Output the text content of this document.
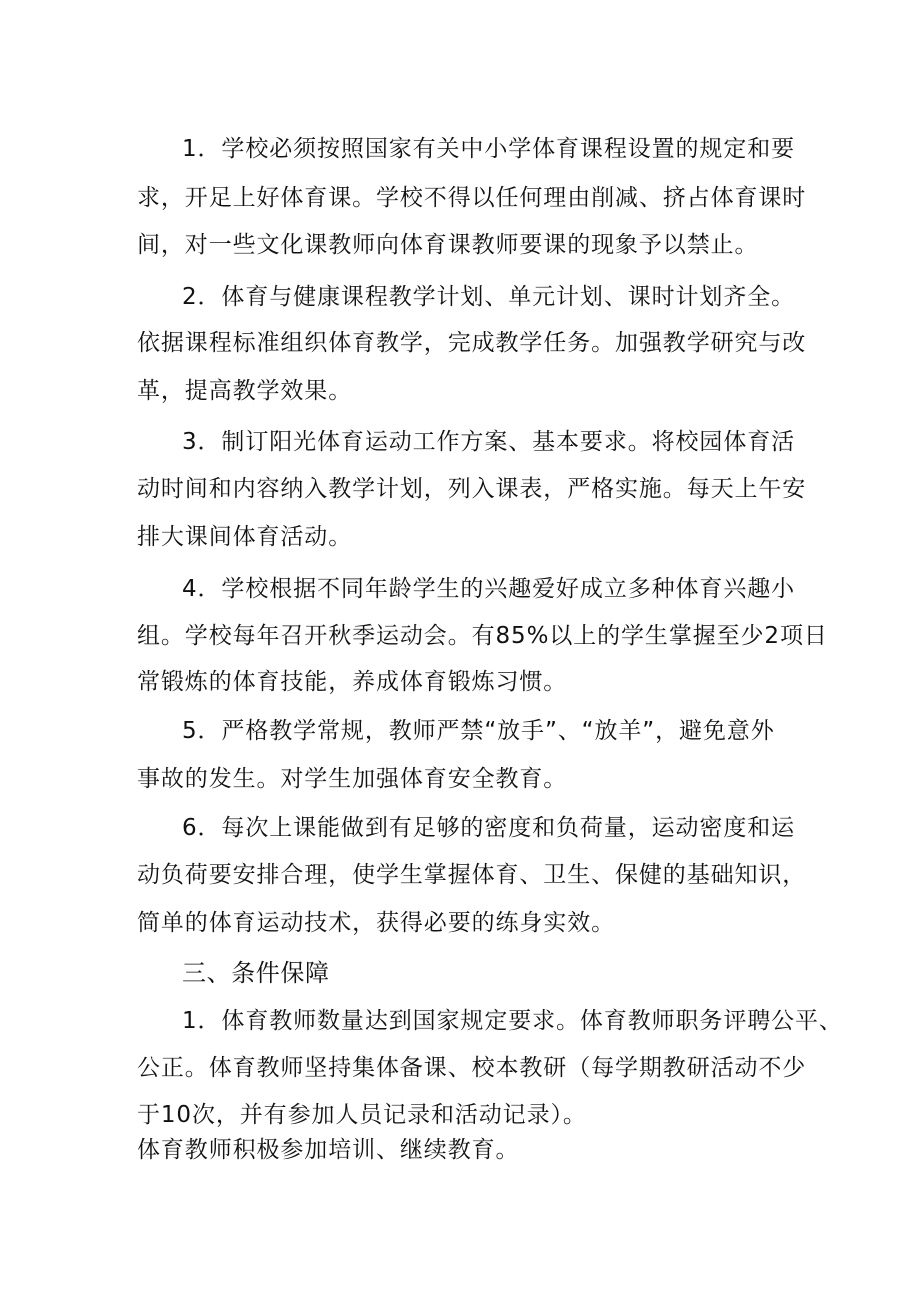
1．学校必须按照国家有关中小学体育课程设置的规定和要
求，开足上好体育课。学校不得以任何理由削减、挤占体育课时
间，对一些文化课教师向体育课教师要课的现象予以禁止。
2．体育与健康课程教学计划、单元计划、课时计划齐全。
依据课程标准组织体育教学，完成教学任务。加强教学研究与改
革，提高教学效果。
3．制订阳光体育运动工作方案、基本要求。将校园体育活
动时间和内容纳入教学计划，列入课表，严格实施。每天上午安
排大课间体育活动。
4．学校根据不同年龄学生的兴趣爱好成立多种体育兴趣小
组。学校每年召开秋季运动会。有85%以上的学生掌握至少2项日
常锻炼的体育技能，养成体育锻炼习惯。
5．严格教学常规，教师严禁“放手”、“放羊”，避免意外
事故的发生。对学生加强体育安全教育。
6．每次上课能做到有足够的密度和负荷量，运动密度和运
动负荷要安排合理，使学生掌握体育、卫生、保健的基础知识，
简单的体育运动技术，获得必要的练身实效。
三、条件保障
1．体育教师数量达到国家规定要求。体育教师职务评聘公平、
公正。体育教师坚持集体备课、校本教研（每学期教研活动不少
于10次，并有参加人员记录和活动记录）。
体育教师积极参加培训、继续教育。
